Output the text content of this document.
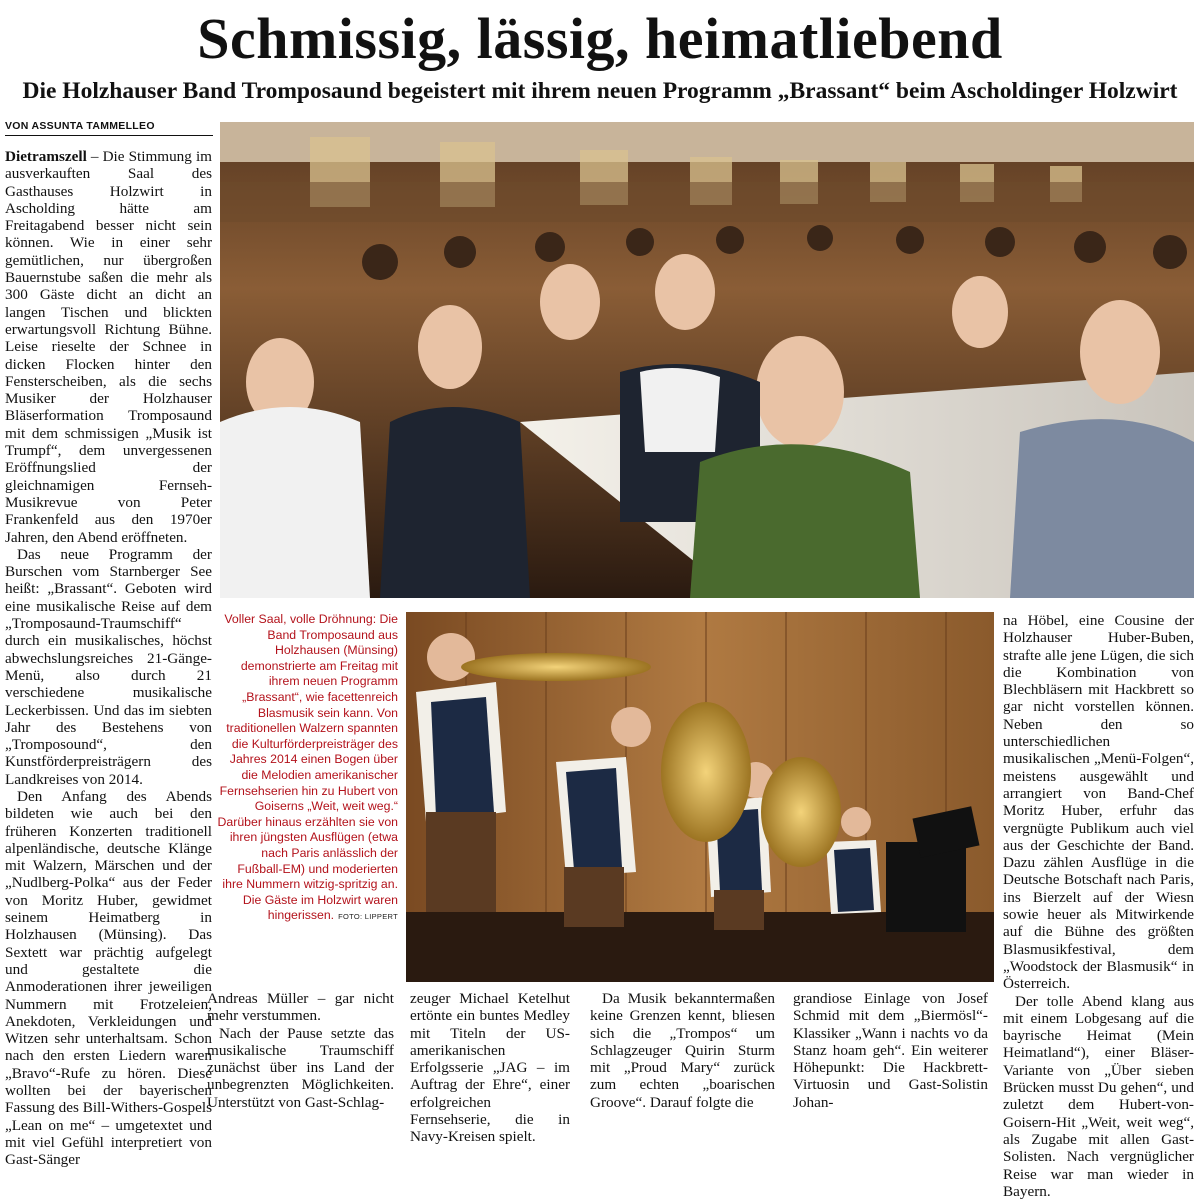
Schmissig, lässig, heimatliebend
Die Holzhauser Band Tromposaund begeistert mit ihrem neuen Programm „Brassant“ beim Ascholdinger Holzwirt
VON ASSUNTA TAMMELLEO

Dietramszell – Die Stimmung im ausverkauften Saal des Gasthauses Holzwirt in Ascholding hätte am Freitagabend besser nicht sein können. Wie in einer sehr gemütlichen, nur übergroßen Bauernstube saßen die mehr als 300 Gäste dicht an dicht an langen Tischen und blickten erwartungsvoll Richtung Bühne. Leise rieselte der Schnee in dicken Flocken hinter den Fensterscheiben, als die sechs Musiker der Holzhauser Bläserformation Tromposaund mit dem schmissigen „Musik ist Trumpf“, dem unvergessenen Eröffnungslied der gleichnamigen Fernseh-Musikrevue von Peter Frankenfeld aus den 1970er Jahren, den Abend eröffneten.

Das neue Programm der Burschen vom Starnberger See heißt: „Brassant“. Geboten wird eine musikalische Reise auf dem „Tromposaund-Traumschiff“ durch ein musikalisches, höchst abwechslungsreiches 21-Gänge-Menü, also durch 21 verschiedene musikalische Leckerbissen. Und das im siebten Jahr des Bestehens von „Tromposound“, den Kunstförderpreisträgern des Landkreises von 2014.

Den Anfang des Abends bildeten wie auch bei den früheren Konzerten traditionell alpenländische, deutsche Klänge mit Walzern, Märschen und der „Nudlberg-Polka“ aus der Feder von Moritz Huber, gewidmet seinem Heimatberg in Holzhausen (Münsing). Das Sextett war prächtig aufgelegt und gestaltete die Anmoderationen ihrer jeweiligen Nummern mit Frotzeleien, Anekdoten, Verkleidungen und Witzen sehr unterhaltsam. Schon nach den ersten Liedern waren „Bravo“-Rufe zu hören. Diese wollten bei der bayerischen Fassung des Bill-Withers-Gospels „Lean on me“ – umgetextet und mit viel Gefühl interpretiert von Gast-Sänger

Voller Saal, volle Dröhnung: Die Band Tromposaund aus Holzhausen (Münsing) demonstrierte am Freitag mit ihrem neuen Programm „Brassant“, wie facettenreich Blasmusik sein kann. Von traditionellen Walzern spannten die Kulturförderpreisträger des Jahres 2014 einen Bogen über die Melodien amerikanischer Fernsehserien hin zu Hubert von Goiserns „Weit, weit weg.“ Darüber hinaus erzählten sie von ihren jüngsten Ausflügen (etwa nach Paris anlässlich der Fußball-EM) und moderierten ihre Nummern witzig-spritzig an. Die Gäste im Holzwirt waren hingerissen. FOTO: LIPPERT

Andreas Müller – gar nicht mehr verstummen.

Nach der Pause setzte das musikalische Traumschiff zunächst über ins Land der unbegrenzten Möglichkeiten. Unterstützt von Gast-Schlag-

zeuger Michael Ketelhut ertönte ein buntes Medley mit Titeln der US-amerikanischen Erfolgsserie „JAG – im Auftrag der Ehre“, einer erfolgreichen Fernsehserie, die in Navy-Kreisen spielt.

Da Musik bekanntermaßen keine Grenzen kennt, bliesen sich die „Trompos“ um Schlagzeuger Quirin Sturm mit „Proud Mary“ zurück zum echten „boarischen Groove“. Darauf folgte die

grandiose Einlage von Josef Schmid mit dem „Biermösl“-Klassiker „Wann i nachts vo da Stanz hoam geh“. Ein weiterer Höhepunkt: Die Hackbrett-Virtuosin und Gast-Solistin Johan-

na Höbel, eine Cousine der Holzhauser Huber-Buben, strafte alle jene Lügen, die sich die Kombination von Blechbläsern mit Hackbrett so gar nicht vorstellen können. Neben den so unterschiedlichen musikalischen „Menü-Folgen“, meistens ausgewählt und arrangiert von Band-Chef Moritz Huber, erfuhr das vergnügte Publikum auch viel aus der Geschichte der Band. Dazu zählen Ausflüge in die Deutsche Botschaft nach Paris, ins Bierzelt auf der Wiesn sowie heuer als Mitwirkende auf die Bühne des größten Blasmusikfestival, dem „Woodstock der Blasmusik“ in Österreich.

Der tolle Abend klang aus mit einem Lobgesang auf die bayrische Heimat (Mein Heimatland“), einer Bläser-Variante von „Über sieben Brücken musst Du gehen“, und zuletzt dem Hubert-von-Goisern-Hit „Weit, weit weg“, als Zugabe mit allen Gast-Solisten. Nach vergnüglicher Reise war man wieder in Bayern.
